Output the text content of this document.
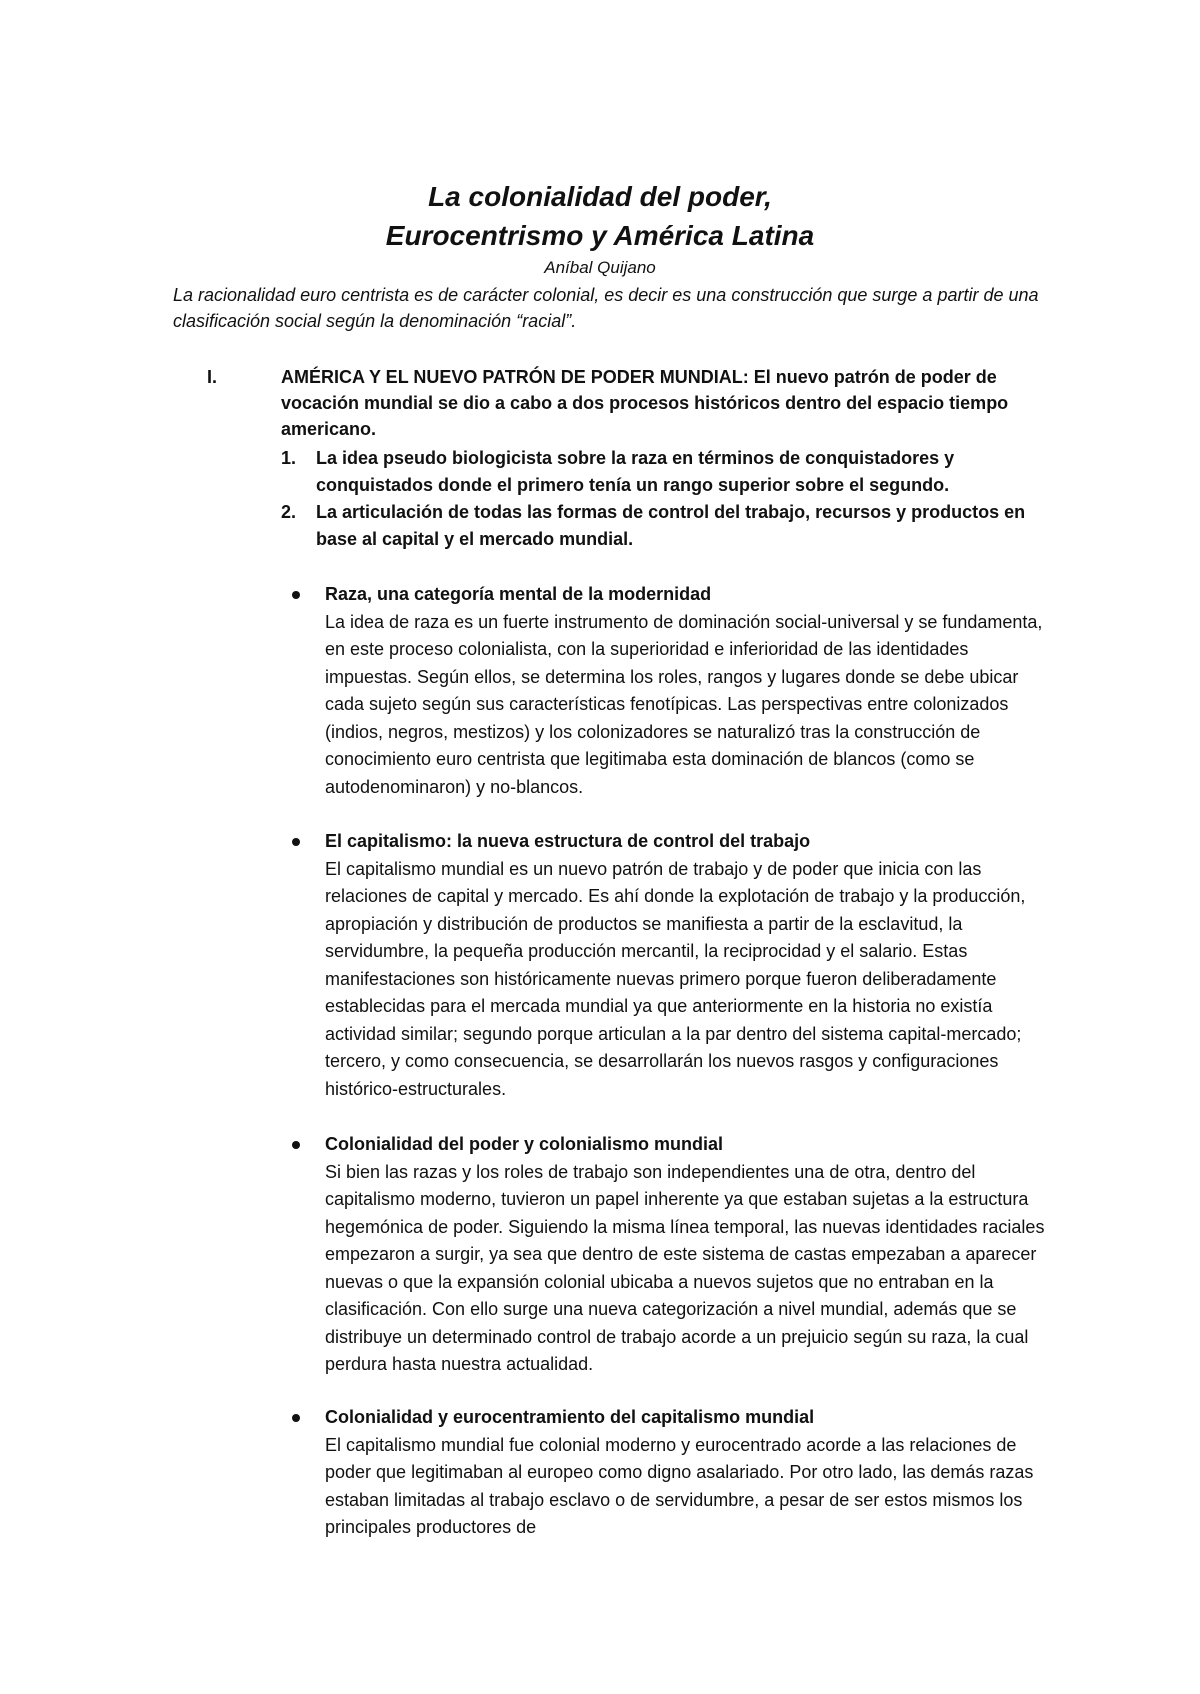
La colonialidad del poder,
Eurocentrismo y América Latina
Aníbal Quijano
La racionalidad euro centrista es de carácter colonial, es decir es una construcción que surge a partir de una clasificación social según la denominación “racial”.
I.	AMÉRICA Y EL NUEVO PATRÓN DE PODER MUNDIAL: El nuevo patrón de poder de vocación mundial se dio a cabo a dos procesos históricos dentro del espacio tiempo americano.
1. La idea pseudo biologicista sobre la raza en términos de conquistadores y conquistados donde el primero tenía un rango superior sobre el segundo.
2. La articulación de todas las formas de control del trabajo, recursos y productos en base al capital y el mercado mundial.
Raza, una categoría mental de la modernidad
La idea de raza es un fuerte instrumento de dominación social-universal y se fundamenta, en este proceso colonialista, con la superioridad e inferioridad de las identidades impuestas. Según ellos, se determina los roles, rangos y lugares donde se debe ubicar cada sujeto según sus características fenotípicas. Las perspectivas entre colonizados (indios, negros, mestizos) y los colonizadores se naturalizó tras la construcción de conocimiento euro centrista que legitimaba esta dominación de blancos (como se autodenominaron) y no-blancos.
El capitalismo: la nueva estructura de control del trabajo
El capitalismo mundial es un nuevo patrón de trabajo y de poder que inicia con las relaciones de capital y mercado. Es ahí donde la explotación de trabajo y la producción, apropiación y distribución de productos se manifiesta a partir de la esclavitud, la servidumbre, la pequeña producción mercantil, la reciprocidad y el salario. Estas manifestaciones son históricamente nuevas primero porque fueron deliberadamente establecidas para el mercada mundial ya que anteriormente en la historia no existía actividad similar; segundo porque articulan a la par dentro del sistema capital-mercado; tercero, y como consecuencia, se desarrollarán los nuevos rasgos y configuraciones histórico-estructurales.
Colonialidad del poder y colonialismo mundial
Si bien las razas y los roles de trabajo son independientes una de otra, dentro del capitalismo moderno, tuvieron un papel inherente ya que estaban sujetas a la estructura hegemónica de poder. Siguiendo la misma línea temporal, las nuevas identidades raciales empezaron a surgir, ya sea que dentro de este sistema de castas empezaban a aparecer nuevas o que la expansión colonial ubicaba a nuevos sujetos que no entraban en la clasificación. Con ello surge una nueva categorización a nivel mundial, además que se distribuye un determinado control de trabajo acorde a un prejuicio según su raza, la cual perdura hasta nuestra actualidad.
Colonialidad y eurocentramiento del capitalismo mundial
El capitalismo mundial fue colonial moderno y eurocentrado acorde a las relaciones de poder que legitimaban al europeo como digno asalariado. Por otro lado, las demás razas estaban limitadas al trabajo esclavo o de servidumbre, a pesar de ser estos mismos los principales productores de
